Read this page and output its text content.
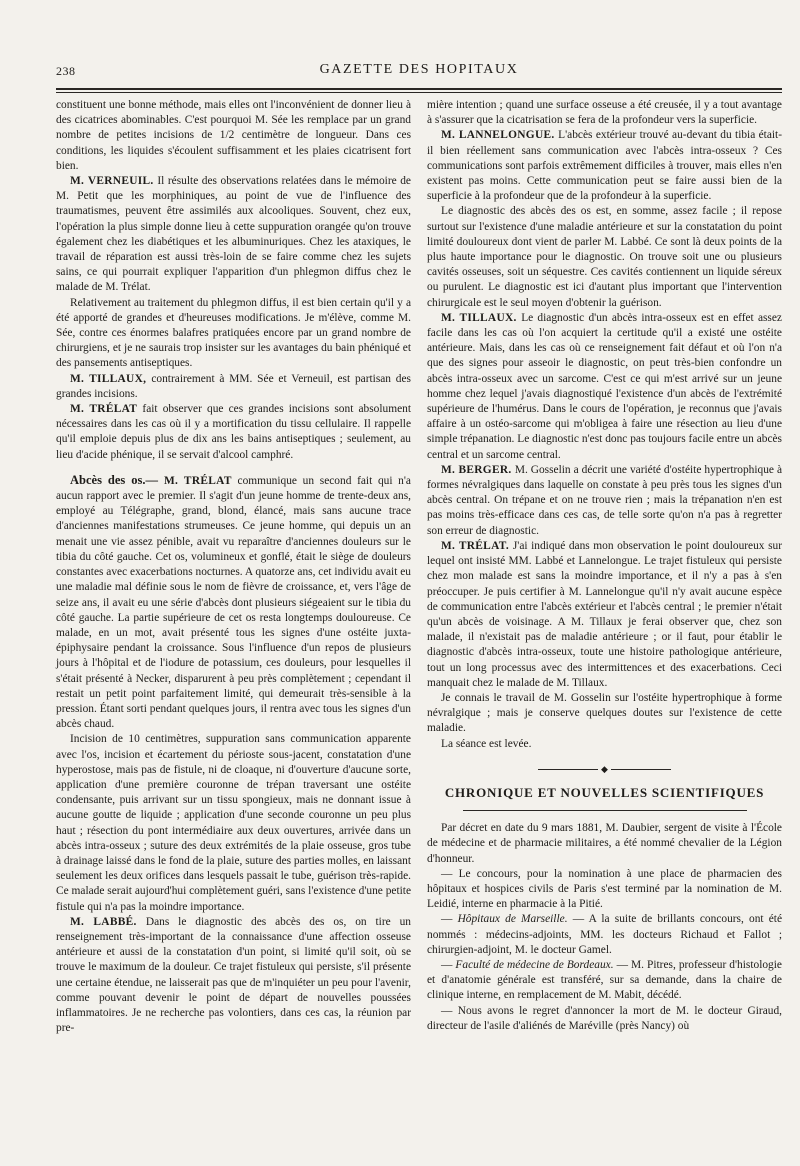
238	GAZETTE DES HOPITAUX

constituent une bonne méthode, mais elles ont l'inconvénient de donner lieu à des cicatrices abominables. C'est pourquoi M. Sée les remplace par un grand nombre de petites incisions de 1/2 centimètre de longueur. Dans ces conditions, les liquides s'écoulent suffisamment et les plaies cicatrisent fort bien.

M. VERNEUIL. Il résulte des observations relatées dans le mémoire de M. Petit que les morphiniques, au point de vue de l'influence des traumatismes, peuvent être assimilés aux alcooliques. Souvent, chez eux, l'opération la plus simple donne lieu à cette suppuration orangée qu'on trouve également chez les diabétiques et les albuminuriques. Chez les ataxiques, le travail de réparation est aussi très-loin de se faire comme chez les sujets sains, ce qui pourrait expliquer l'apparition d'un phlegmon diffus chez le malade de M. Trélat.

Relativement au traitement du phlegmon diffus, il est bien certain qu'il y a été apporté de grandes et d'heureuses modifications. Je m'élève, comme M. Sée, contre ces énormes balafres pratiquées encore par un grand nombre de chirurgiens, et je ne saurais trop insister sur les avantages du bain phéniqué et des pansements antiseptiques.

M. TILLAUX, contrairement à MM. Sée et Verneuil, est partisan des grandes incisions.

M. TRÉLAT fait observer que ces grandes incisions sont absolument nécessaires dans les cas où il y a mortification du tissu cellulaire. Il rappelle qu'il emploie depuis plus de dix ans les bains antiseptiques ; seulement, au lieu d'acide phénique, il se servait d'alcool camphré.

Abcès des os.— M. TRÉLAT communique un second fait qui n'a aucun rapport avec le premier. Il s'agit d'un jeune homme de trente-deux ans, employé au Télégraphe, grand, blond, élancé, mais sans aucune trace d'anciennes manifestations strumeuses. Ce jeune homme, qui depuis un an menait une vie assez pénible, avait vu reparaître d'anciennes douleurs sur le tibia du côté gauche. Cet os, volumineux et gonflé, était le siège de douleurs constantes avec exacerbations nocturnes. A quatorze ans, cet individu avait eu une maladie mal définie sous le nom de fièvre de croissance, et, vers l'âge de seize ans, il avait eu une série d'abcès dont plusieurs siégeaient sur le tibia du côté gauche. La partie supérieure de cet os resta longtemps douloureuse. Ce malade, en un mot, avait présenté tous les signes d'une ostéite juxta-épiphysaire pendant la croissance. Sous l'influence d'un repos de plusieurs jours à l'hôpital et de l'iodure de potassium, ces douleurs, pour lesquelles il s'était présenté à Necker, disparurent à peu près complètement ; cependant il restait un petit point parfaitement limité, qui demeurait très-sensible à la pression. Étant sorti pendant quelques jours, il rentra avec tous les signes d'un abcès chaud.

Incision de 10 centimètres, suppuration sans communication apparente avec l'os, incision et écartement du périoste sous-jacent, constatation d'une hyperostose, mais pas de fistule, ni de cloaque, ni d'ouverture d'aucune sorte, application d'une première couronne de trépan traversant une ostéite condensante, puis arrivant sur un tissu spongieux, mais ne donnant issue à aucune goutte de liquide ; application d'une seconde couronne un peu plus haut ; résection du pont intermédiaire aux deux ouvertures, arrivée dans un abcès intra-osseux ; suture des deux extrémités de la plaie osseuse, gros tube à drainage laissé dans le fond de la plaie, suture des parties molles, en laissant seulement les deux orifices dans lesquels passait le tube, guérison très-rapide. Ce malade serait aujourd'hui complètement guéri, sans l'existence d'une petite fistule qui n'a pas la moindre importance.

M. LABBÉ. Dans le diagnostic des abcès des os, on tire un renseignement très-important de la connaissance d'une affection osseuse antérieure et aussi de la constatation d'un point, si limité qu'il soit, où se trouve le maximum de la douleur. Ce trajet fistuleux qui persiste, s'il présente une certaine étendue, ne laisserait pas que de m'inquiéter un peu pour l'avenir, comme pouvant devenir le point de départ de nouvelles poussées inflammatoires. Je ne recherche pas volontiers, dans ces cas, la réunion par pre-

mière intention ; quand une surface osseuse a été creusée, il y a tout avantage à s'assurer que la cicatrisation se fera de la profondeur vers la superficie.

M. LANNELONGUE. L'abcès extérieur trouvé au-devant du tibia était-il bien réellement sans communication avec l'abcès intra-osseux ? Ces communications sont parfois extrêmement difficiles à trouver, mais elles n'en existent pas moins. Cette communication peut se faire aussi bien de la superficie à la profondeur que de la profondeur à la superficie.

Le diagnostic des abcès des os est, en somme, assez facile ; il repose surtout sur l'existence d'une maladie antérieure et sur la constatation du point limité douloureux dont vient de parler M. Labbé. Ce sont là deux points de la plus haute importance pour le diagnostic. On trouve soit une ou plusieurs cavités osseuses, soit un séquestre. Ces cavités contiennent un liquide séreux ou purulent. Le diagnostic est ici d'autant plus important que l'intervention chirurgicale est le seul moyen d'obtenir la guérison.

M. TILLAUX. Le diagnostic d'un abcès intra-osseux est en effet assez facile dans les cas où l'on acquiert la certitude qu'il a existé une ostéite antérieure. Mais, dans les cas où ce renseignement fait défaut et où l'on n'a que des signes pour asseoir le diagnostic, on peut très-bien confondre un abcès intra-osseux avec un sarcome. C'est ce qui m'est arrivé sur un jeune homme chez lequel j'avais diagnostiqué l'existence d'un abcès de l'extrémité supérieure de l'humérus. Dans le cours de l'opération, je reconnus que j'avais affaire à un ostéo-sarcome qui m'obligea à faire une résection au lieu d'une simple trépanation. Le diagnostic n'est donc pas toujours facile entre un abcès central et un sarcome central.

M. BERGER. M. Gosselin a décrit une variété d'ostéite hypertrophique à formes névralgiques dans laquelle on constate à peu près tous les signes d'un abcès central. On trépane et on ne trouve rien ; mais la trépanation n'en est pas moins très-efficace dans ces cas, de telle sorte qu'on n'a pas à regretter son erreur de diagnostic.

M. TRÉLAT. J'ai indiqué dans mon observation le point douloureux sur lequel ont insisté MM. Labbé et Lannelongue. Le trajet fistuleux qui persiste chez mon malade est sans la moindre importance, et il n'y a pas à s'en préoccuper. Je puis certifier à M. Lannelongue qu'il n'y avait aucune espèce de communication entre l'abcès extérieur et l'abcès central ; le premier n'était qu'un abcès de voisinage. A M. Tillaux je ferai observer que, chez son malade, il n'existait pas de maladie antérieure ; or il faut, pour établir le diagnostic d'abcès intra-osseux, toute une histoire pathologique antérieure, tout un long processus avec des intermittences et des exacerbations. Ceci manquait chez le malade de M. Tillaux.

Je connais le travail de M. Gosselin sur l'ostéite hypertrophique à forme névralgique ; mais je conserve quelques doutes sur l'existence de cette maladie.

La séance est levée.

◆
CHRONIQUE ET NOUVELLES SCIENTIFIQUES

Par décret en date du 9 mars 1881, M. Daubier, sergent de visite à l'École de médecine et de pharmacie militaires, a été nommé chevalier de la Légion d'honneur.

— Le concours, pour la nomination à une place de pharmacien des hôpitaux et hospices civils de Paris s'est terminé par la nomination de M. Leidié, interne en pharmacie à la Pitié.

— Hôpitaux de Marseille. — A la suite de brillants concours, ont été nommés : médecins-adjoints, MM. les docteurs Richaud et Fallot ; chirurgien-adjoint, M. le docteur Gamel.

— Faculté de médecine de Bordeaux. — M. Pitres, professeur d'histologie et d'anatomie générale est transféré, sur sa demande, dans la chaire de clinique interne, en remplacement de M. Mabit, décédé.

— Nous avons le regret d'annoncer la mort de M. le docteur Giraud, directeur de l'asile d'aliénés de Maréville (près Nancy) où
